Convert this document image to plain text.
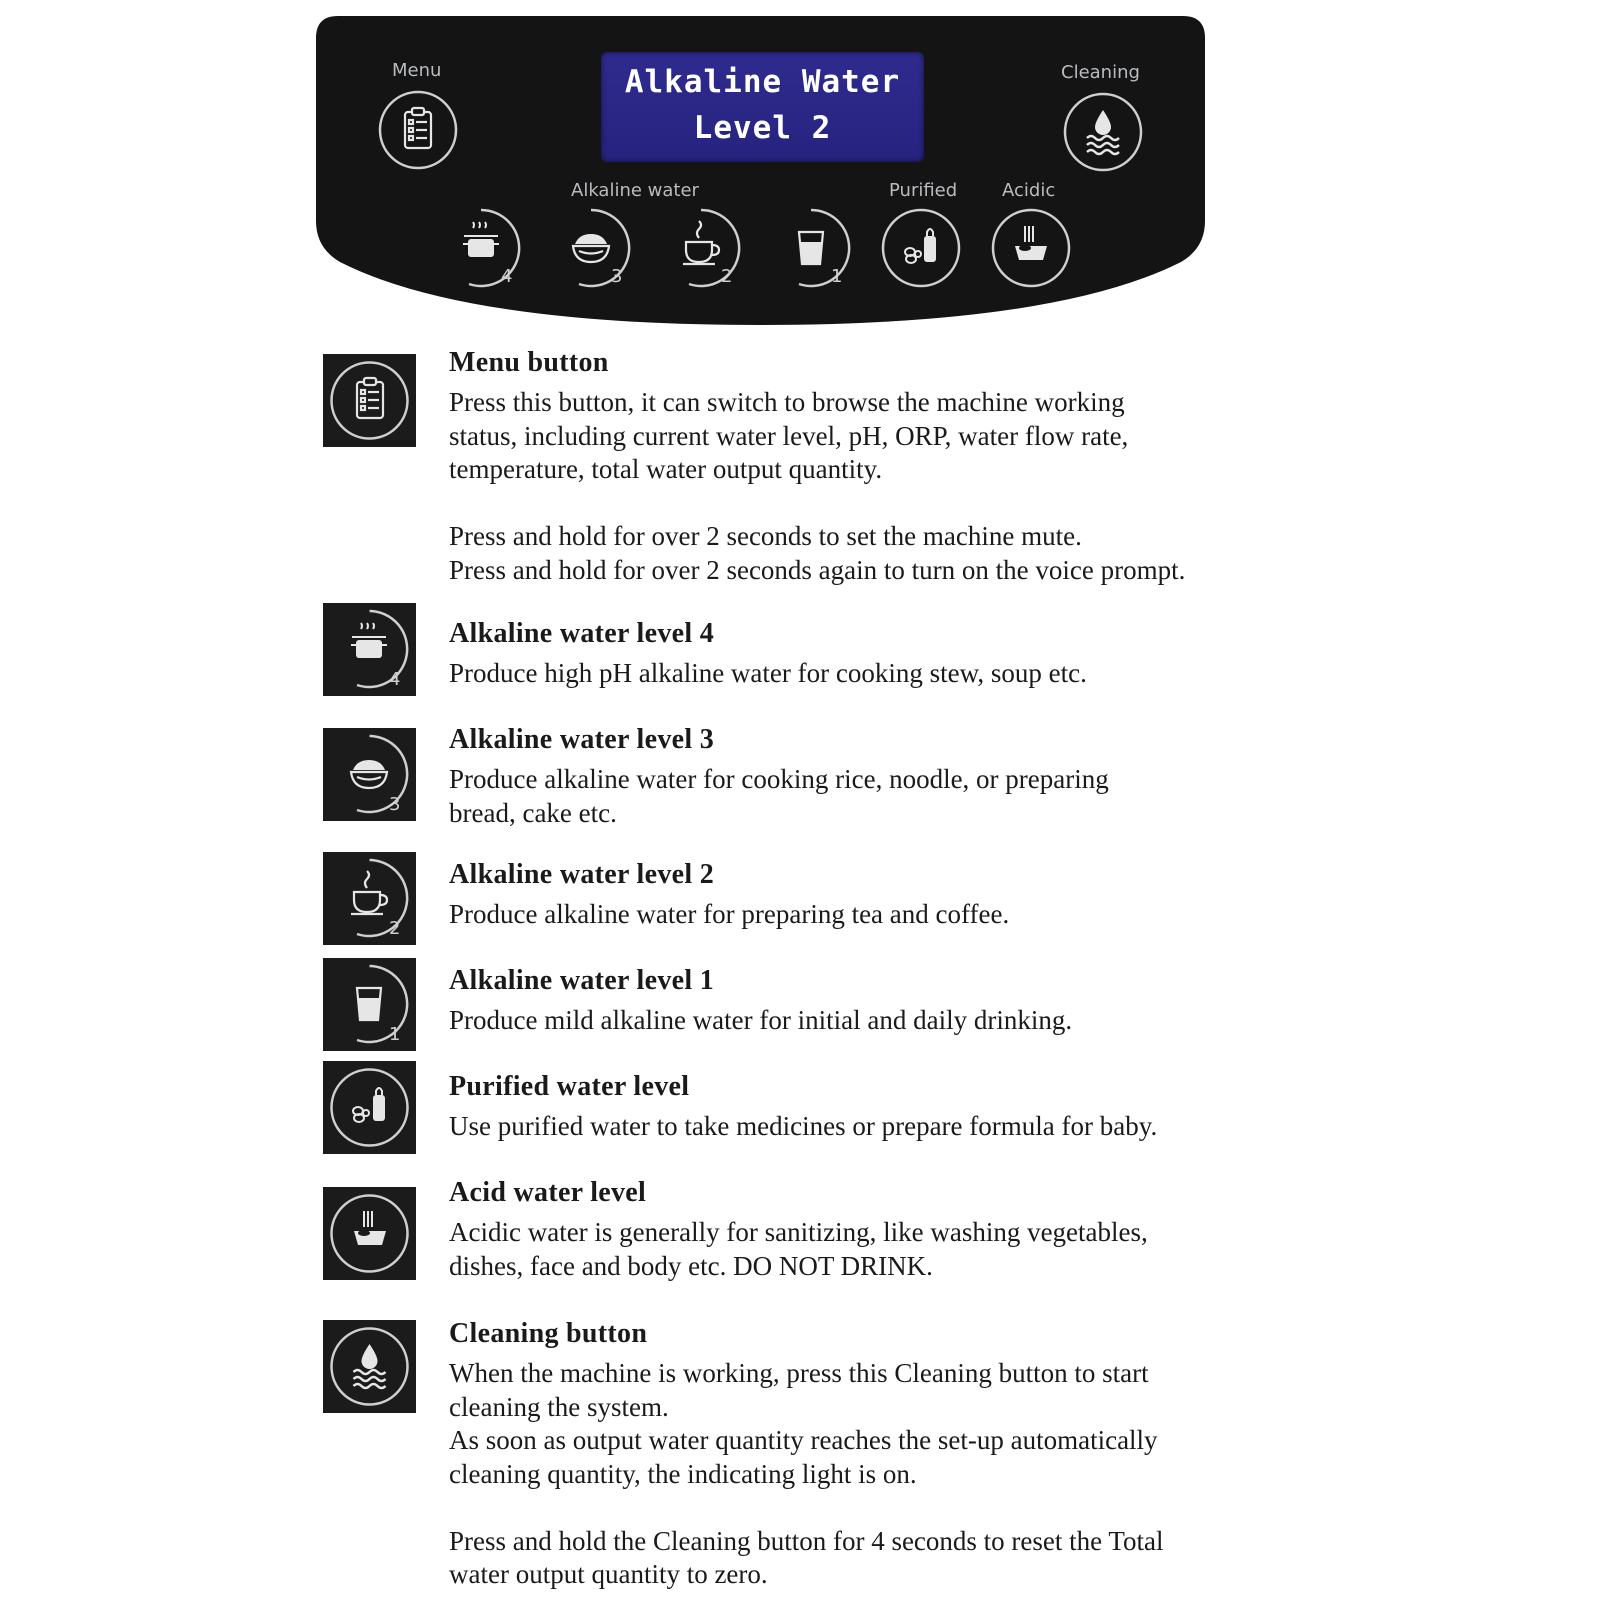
Alkaline Water
Level 2
Menu	Cleaning
Alkaline water	Purified Acidic
4	3	2	1
Menu button

Press this button, it can switch to browse the machine working
status, including current water level, pH, ORP, water flow rate,
temperature, total water output quantity.

Press and hold for over 2 seconds to set the machine mute.
Press and hold for over 2 seconds again to turn on the voice prompt.

4
Alkaline water level 4

Produce high pH alkaline water for cooking stew, soup etc.

3
Alkaline water level 3

Produce alkaline water for cooking rice, noodle, or preparing
bread, cake etc.

2
Alkaline water level 2

Produce alkaline water for preparing tea and coffee.

1
Alkaline water level 1

Produce mild alkaline water for initial and daily drinking.

Purified water level

Use purified water to take medicines or prepare formula for baby.

Acid water level

Acidic water is generally for sanitizing, like washing vegetables,
dishes, face and body etc. DO NOT DRINK.

Cleaning button

When the machine is working, press this Cleaning button to start
cleaning the system.
As soon as output water quantity reaches the set-up automatically
cleaning quantity, the indicating light is on.

Press and hold the Cleaning button for 4 seconds to reset the Total
water output quantity to zero.
